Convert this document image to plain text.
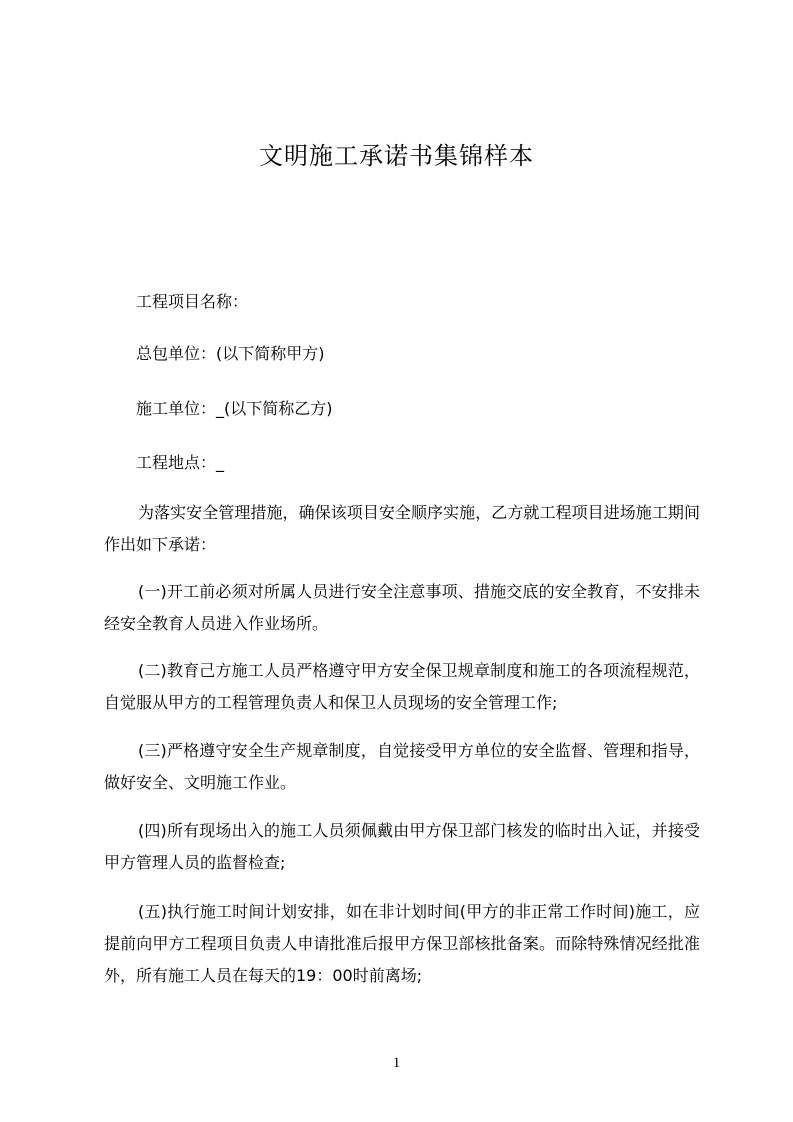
文明施工承诺书集锦样本
工程项目名称：
总包单位：(以下简称甲方)
施工单位：_(以下简称乙方)
工程地点：_
为落实安全管理措施，确保该项目安全顺序实施，乙方就工程项目进场施工期间作出如下承诺：
(一)开工前必须对所属人员进行安全注意事项、措施交底的安全教育，不安排未经安全教育人员进入作业场所。
(二)教育己方施工人员严格遵守甲方安全保卫规章制度和施工的各项流程规范，自觉服从甲方的工程管理负责人和保卫人员现场的安全管理工作;
(三)严格遵守安全生产规章制度，自觉接受甲方单位的安全监督、管理和指导，做好安全、文明施工作业。
(四)所有现场出入的施工人员须佩戴由甲方保卫部门核发的临时出入证，并接受甲方管理人员的监督检查;
(五)执行施工时间计划安排，如在非计划时间(甲方的非正常工作时间)施工，应提前向甲方工程项目负责人申请批准后报甲方保卫部核批备案。而除特殊情况经批准外，所有施工人员在每天的19：00时前离场;
1
